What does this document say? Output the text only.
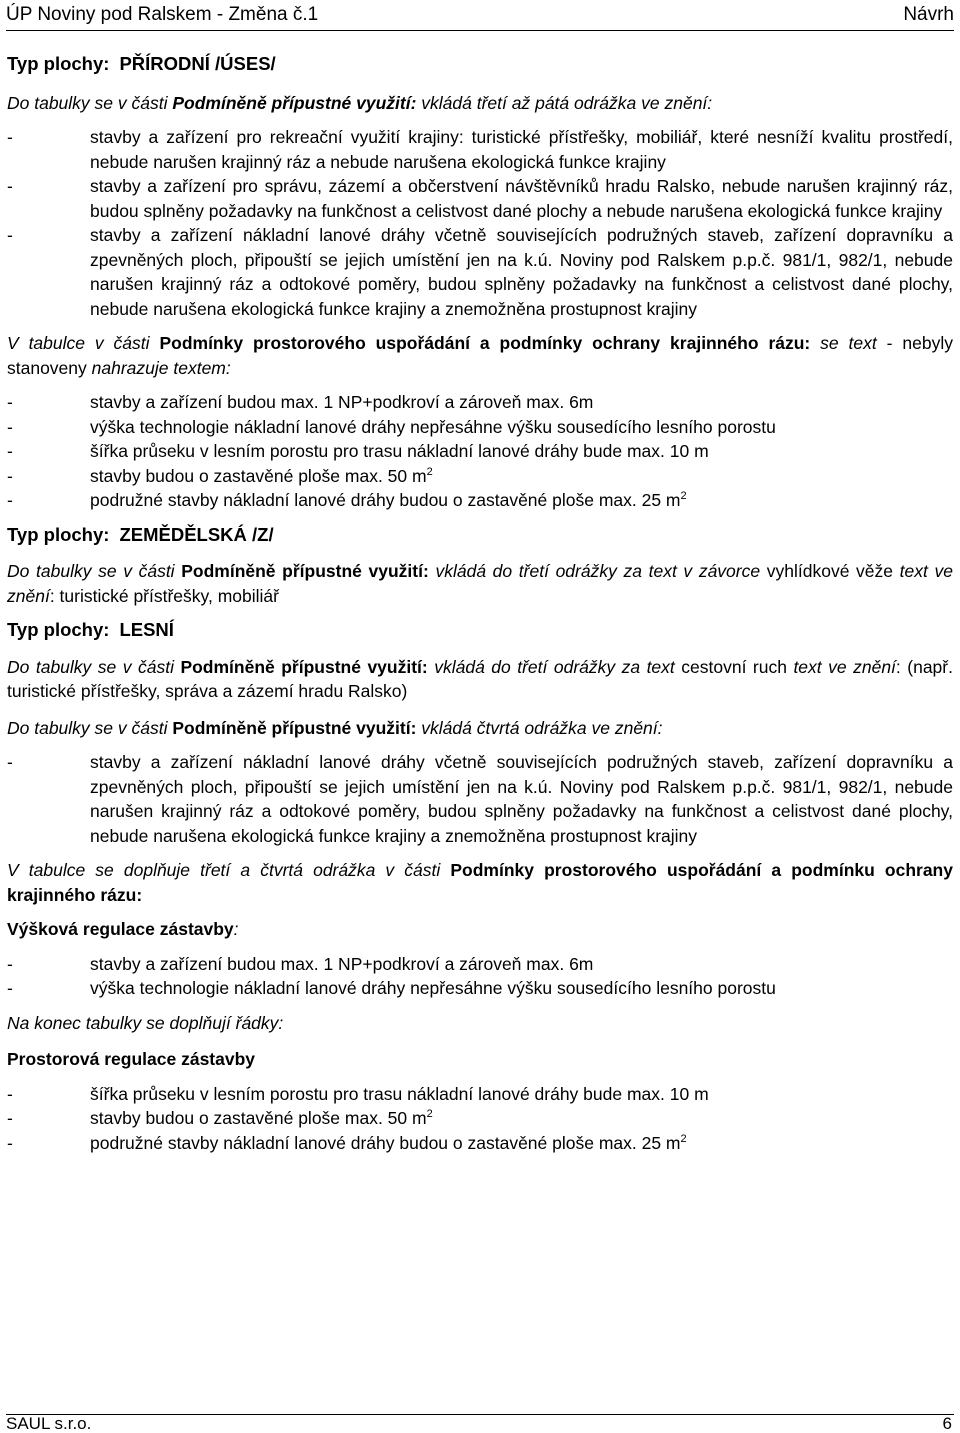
ÚP Noviny pod Ralskem - Změna č.1	Návrh

Typ plochy: PŘÍRODNÍ /ÚSES/

Do tabulky se v části Podmíněně přípustné využití: vkládá třetí až pátá odrážka ve znění:

- stavby a zařízení pro rekreační využití krajiny: turistické přístřešky, mobiliář, které nesníží kvalitu prostředí, nebude narušen krajinný ráz a nebude narušena ekologická funkce krajiny
- stavby a zařízení pro správu, zázemí a občerstvení návštěvníků hradu Ralsko, nebude narušen krajinný ráz, budou splněny požadavky na funkčnost a celistvost dané plochy a nebude narušena ekologická funkce krajiny
- stavby a zařízení nákladní lanové dráhy včetně souvisejících podružných staveb, zařízení dopravníku a zpevněných ploch, připouští se jejich umístění jen na k.ú. Noviny pod Ralskem p.p.č. 981/1, 982/1, nebude narušen krajinný ráz a odtokové poměry, budou splněny požadavky na funkčnost a celistvost dané plochy, nebude narušena ekologická funkce krajiny a znemožněna prostupnost krajiny

V tabulce v části Podmínky prostorového uspořádání a podmínky ochrany krajinného rázu: se text - nebyly stanoveny nahrazuje textem:

- stavby a zařízení budou max. 1 NP+podkroví a zároveň max. 6m
- výška technologie nákladní lanové dráhy nepřesáhne výšku sousedícího lesního porostu
- šířka průseku v lesním porostu pro trasu nákladní lanové dráhy bude max. 10 m
- stavby budou o zastavěné ploše max. 50 $m^2$
- podružné stavby nákladní lanové dráhy budou o zastavěné ploše max. 25 $m^2$

Typ plochy: ZEMĚDĚLSKÁ /Z/

Do tabulky se v části Podmíněně přípustné využití: vkládá do třetí odrážky za text v závorce vyhlídkové věže text ve znění: turistické přístřešky, mobiliář

Typ plochy: LESNÍ

Do tabulky se v části Podmíněně přípustné využití: vkládá do třetí odrážky za text cestovní ruch text ve znění: (např. turistické přístřešky, správa a zázemí hradu Ralsko)

Do tabulky se v části Podmíněně přípustné využití: vkládá čtvrtá odrážka ve znění:

- stavby a zařízení nákladní lanové dráhy včetně souvisejících podružných staveb, zařízení dopravníku a zpevněných ploch, připouští se jejich umístění jen na k.ú. Noviny pod Ralskem p.p.č. 981/1, 982/1, nebude narušen krajinný ráz a odtokové poměry, budou splněny požadavky na funkčnost a celistvost dané plochy, nebude narušena ekologická funkce krajiny a znemožněna prostupnost krajiny

V tabulce se doplňuje třetí a čtvrtá odrážka v části Podmínky prostorového uspořádání a podmínku ochrany krajinného rázu:

Výšková regulace zástavby:

- stavby a zařízení budou max. 1 NP+podkroví a zároveň max. 6m
- výška technologie nákladní lanové dráhy nepřesáhne výšku sousedícího lesního porostu

Na konec tabulky se doplňují řádky:

Prostorová regulace zástavby

- šířka průseku v lesním porostu pro trasu nákladní lanové dráhy bude max. 10 m
- stavby budou o zastavěné ploše max. 50 $m^2$
- podružné stavby nákladní lanové dráhy budou o zastavěné ploše max. 25 $m^2$
SAUL s.r.o.	6
